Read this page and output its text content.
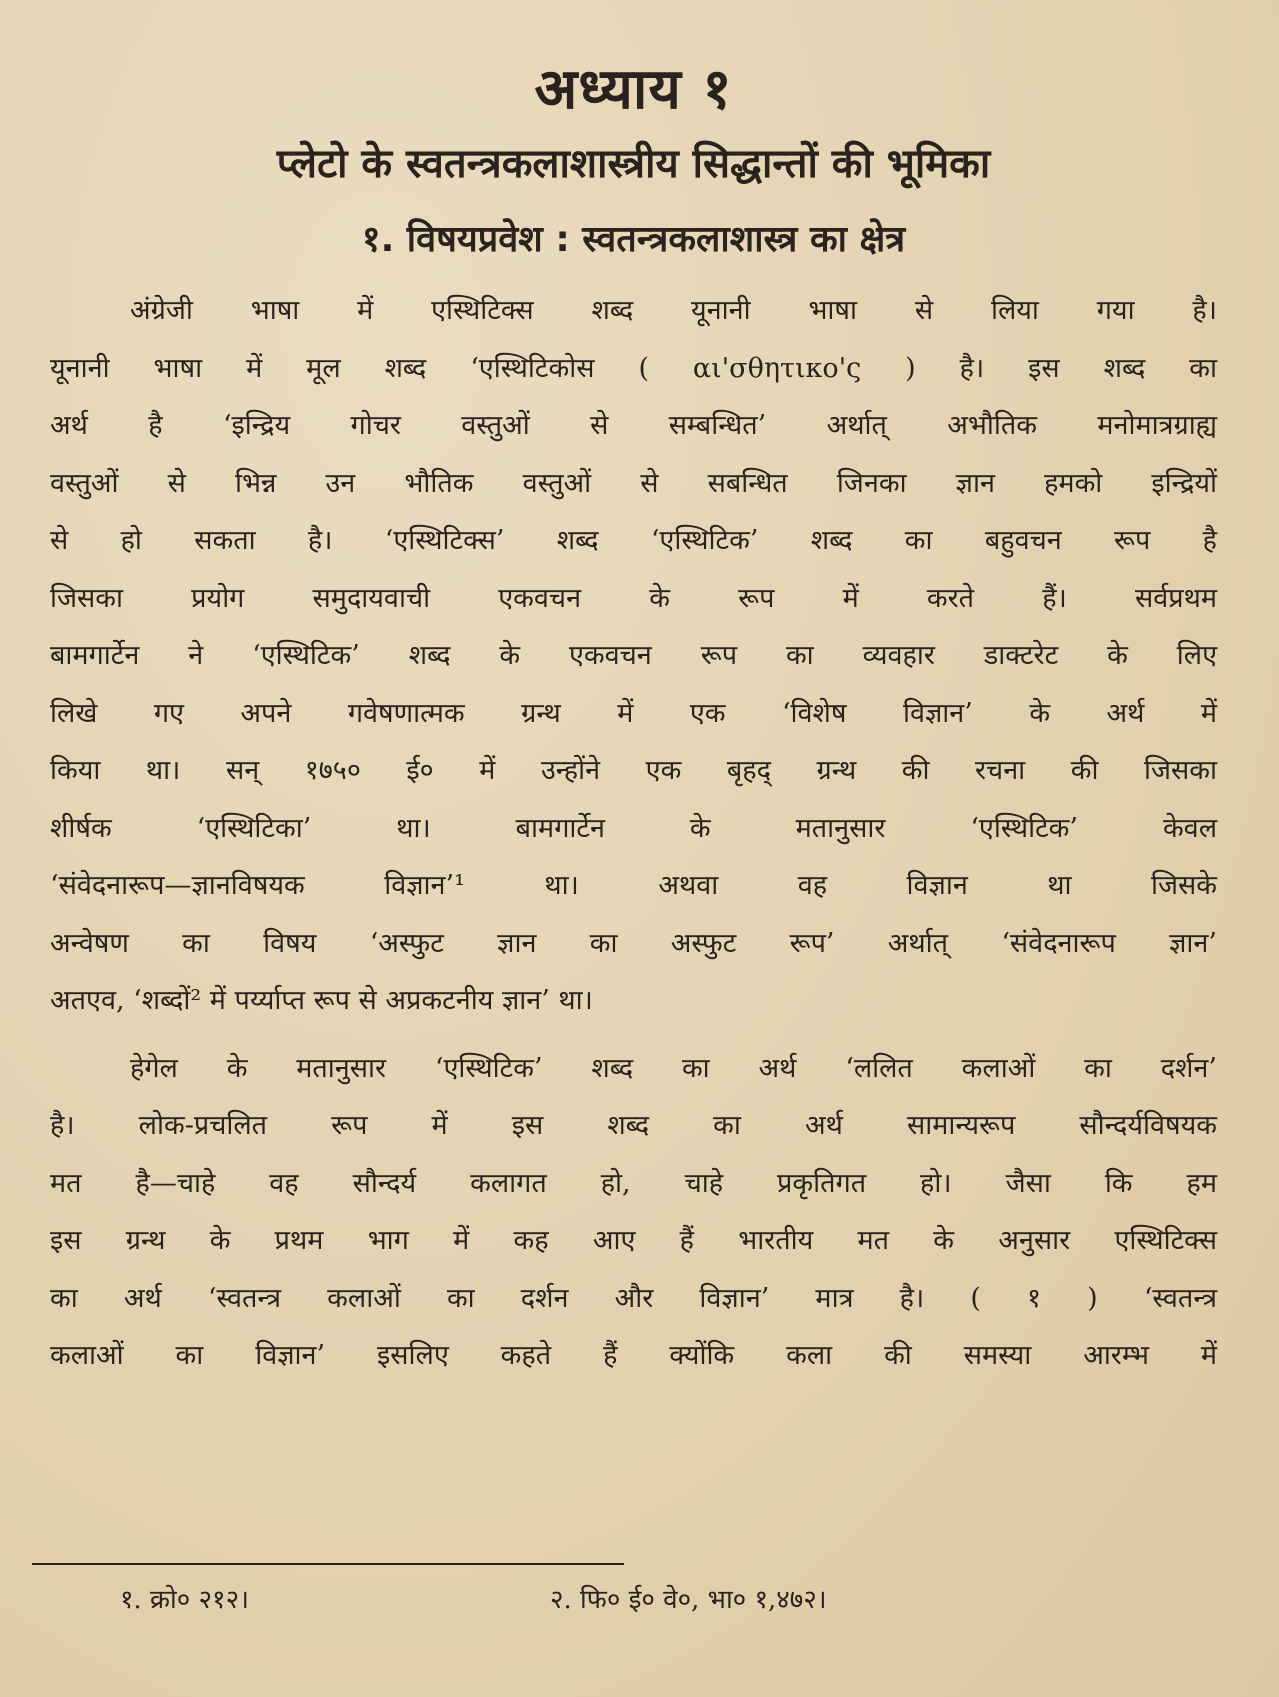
अध्याय १
प्लेटो के स्वतन्त्रकलाशास्त्रीय सिद्धान्तों की भूमिका
१. विषयप्रवेश : स्वतन्त्रकलाशास्त्र का क्षेत्र
अंग्रेजी भाषा में एस्थिटिक्स शब्द यूनानी भाषा से लिया गया है।
यूनानी भाषा में मूल शब्द ‘एस्थिटिकोस ( αι'σθητικο'ς ) है। इस शब्द का
अर्थ है ‘इन्द्रिय गोचर वस्तुओं से सम्बन्धित’ अर्थात् अभौतिक मनोमात्रग्राह्य
वस्तुओं से भिन्न उन भौतिक वस्तुओं से सबन्धित जिनका ज्ञान हमको इन्द्रियों
से हो सकता है। ‘एस्थिटिक्स’ शब्द ‘एस्थिटिक’ शब्द का बहुवचन रूप है
जिसका प्रयोग समुदायवाची एकवचन के रूप में करते हैं। सर्वप्रथम
बामगार्टेन ने ‘एस्थिटिक’ शब्द के एकवचन रूप का व्यवहार डाक्टरेट के लिए
लिखे गए अपने गवेषणात्मक ग्रन्थ में एक ‘विशेष विज्ञान’ के अर्थ में
किया था। सन् १७५० ई० में उन्होंने एक बृहद् ग्रन्थ की रचना की जिसका
शीर्षक ‘एस्थिटिका’ था। बामगार्टेन के मतानुसार ‘एस्थिटिक’ केवल
‘संवेदनारूप—ज्ञानविषयक विज्ञान’¹ था। अथवा वह विज्ञान था जिसके
अन्वेषण का विषय ‘अस्फुट ज्ञान का अस्फुट रूप’ अर्थात् ‘संवेदनारूप ज्ञान’
अतएव, ‘शब्दों² में पर्य्याप्त रूप से अप्रकटनीय ज्ञान’ था।
हेगेल के मतानुसार ‘एस्थिटिक’ शब्द का अर्थ ‘ललित कलाओं का दर्शन’
है। लोक-प्रचलित रूप में इस शब्द का अर्थ सामान्यरूप सौन्दर्यविषयक
मत है—चाहे वह सौन्दर्य कलागत हो, चाहे प्रकृतिगत हो। जैसा कि हम
इस ग्रन्थ के प्रथम भाग में कह आए हैं भारतीय मत के अनुसार एस्थिटिक्स
का अर्थ ‘स्वतन्त्र कलाओं का दर्शन और विज्ञान’ मात्र है। ( १ ) ‘स्वतन्त्र
कलाओं का विज्ञान’ इसलिए कहते हैं क्योंकि कला की समस्या आरम्भ में
१. क्रो० २१२।	२. फि० ई० वे०, भा० १,४७२।
